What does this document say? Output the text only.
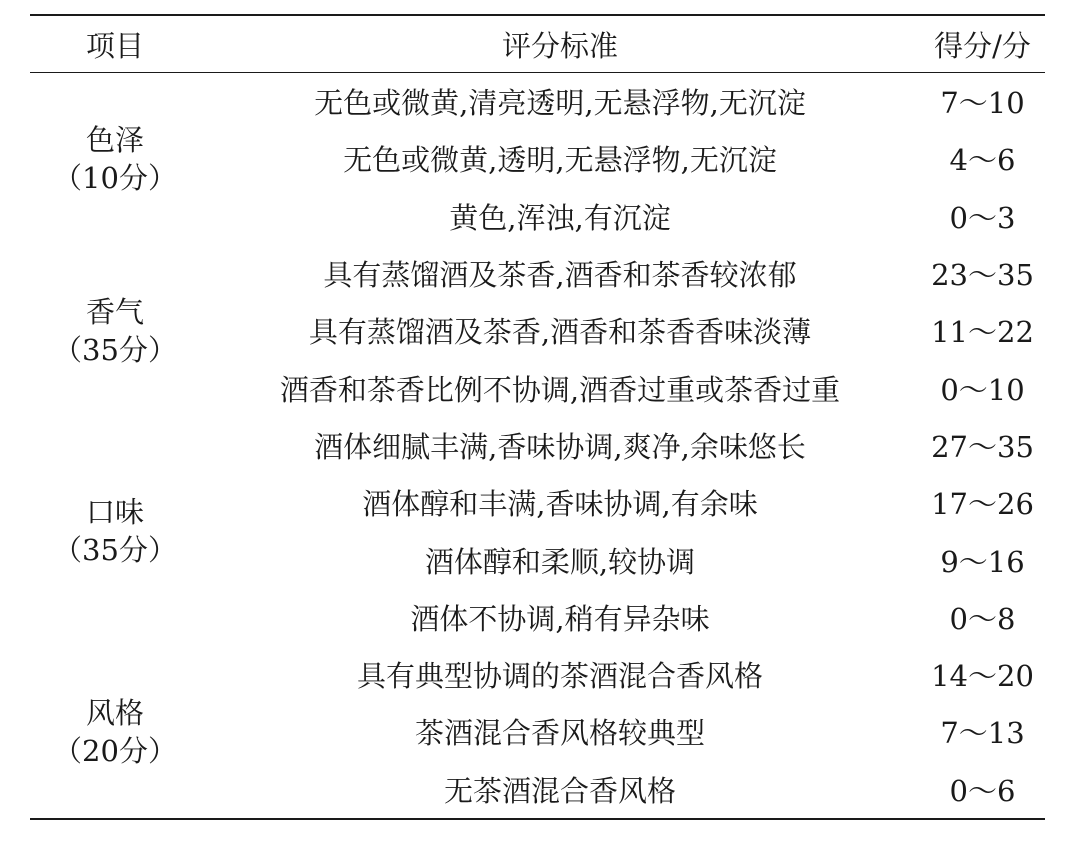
项目	评分标准	得分/分

色泽
（10分）	无色或微黄,清亮透明,无悬浮物,无沉淀	7～10
	无色或微黄,透明,无悬浮物,无沉淀	4～6
	黄色,浑浊,有沉淀	0～3

香气
（35分）	具有蒸馏酒及茶香,酒香和茶香较浓郁	23～35
	具有蒸馏酒及茶香,酒香和茶香香味淡薄	11～22
	酒香和茶香比例不协调,酒香过重或茶香过重	0～10

口味
（35分）	酒体细腻丰满,香味协调,爽净,余味悠长	27～35
	酒体醇和丰满,香味协调,有余味	17～26
	酒体醇和柔顺,较协调	9～16
	酒体不协调,稍有异杂味	0～8

风格
（20分）	具有典型协调的茶酒混合香风格	14～20
	茶酒混合香风格较典型	7～13
	无茶酒混合香风格	0～6
